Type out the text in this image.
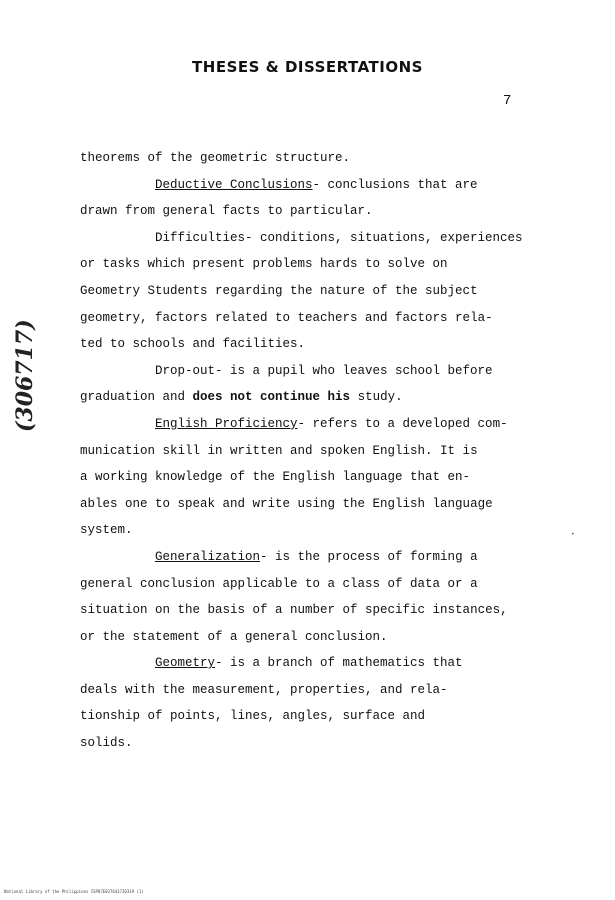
THESES & DISSERTATIONS
7
(306717)
•
theorems of the geometric structure.
Deductive Conclusions- conclusions that are
drawn from general facts to particular.
Difficulties- conditions, situations, experiences
or tasks which present problems hards to solve on
Geometry Students regarding the nature of the subject
geometry, factors related to teachers and factors rela-
ted to schools and facilities.
Drop-out- is a pupil who leaves school before
graduation and does not continue his study.
English Proficiency- refers to a developed com-
munication skill in written and spoken English. It is
a working knowledge of the English language that en-
ables one to speak and write using the English language
system.
Generalization- is the process of forming a
general conclusion applicable to a class of data or a
situation on the basis of a number of specific instances,
or the statement of a general conclusion.
Geometry- is a branch of mathematics that
deals with the measurement, properties, and rela-
tionship of points, lines, angles, surface and
solids.
National Library of the Philippines ISP07E0376437I0319 (1)
